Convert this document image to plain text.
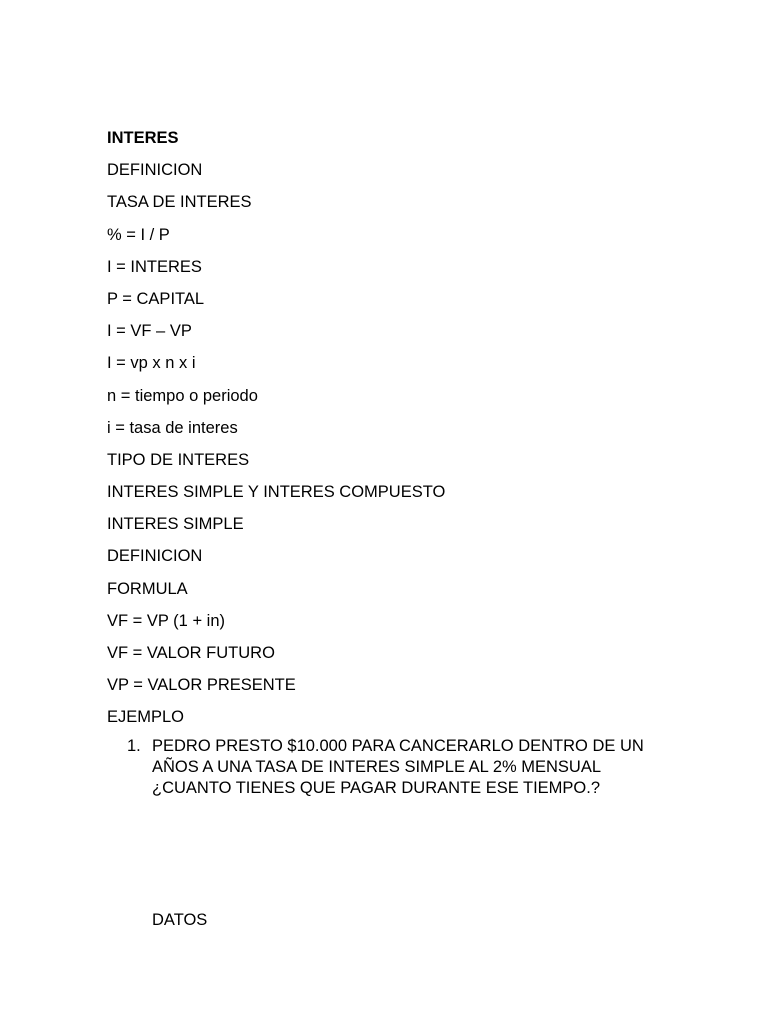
INTERES
DEFINICION
TASA DE INTERES
% = I / P
I = INTERES
P = CAPITAL
I = VF – VP
I = vp x n x i
n = tiempo o periodo
i = tasa de interes
TIPO DE INTERES
INTERES SIMPLE Y INTERES COMPUESTO
INTERES SIMPLE
DEFINICION
FORMULA
VF = VP (1 + in)
VF = VALOR FUTURO
VP = VALOR PRESENTE
EJEMPLO
1. PEDRO PRESTO $10.000 PARA CANCERARLO DENTRO DE UN AÑOS A UNA TASA DE INTERES SIMPLE AL 2% MENSUAL ¿CUANTO TIENES QUE PAGAR DURANTE ESE TIEMPO.?
DATOS
